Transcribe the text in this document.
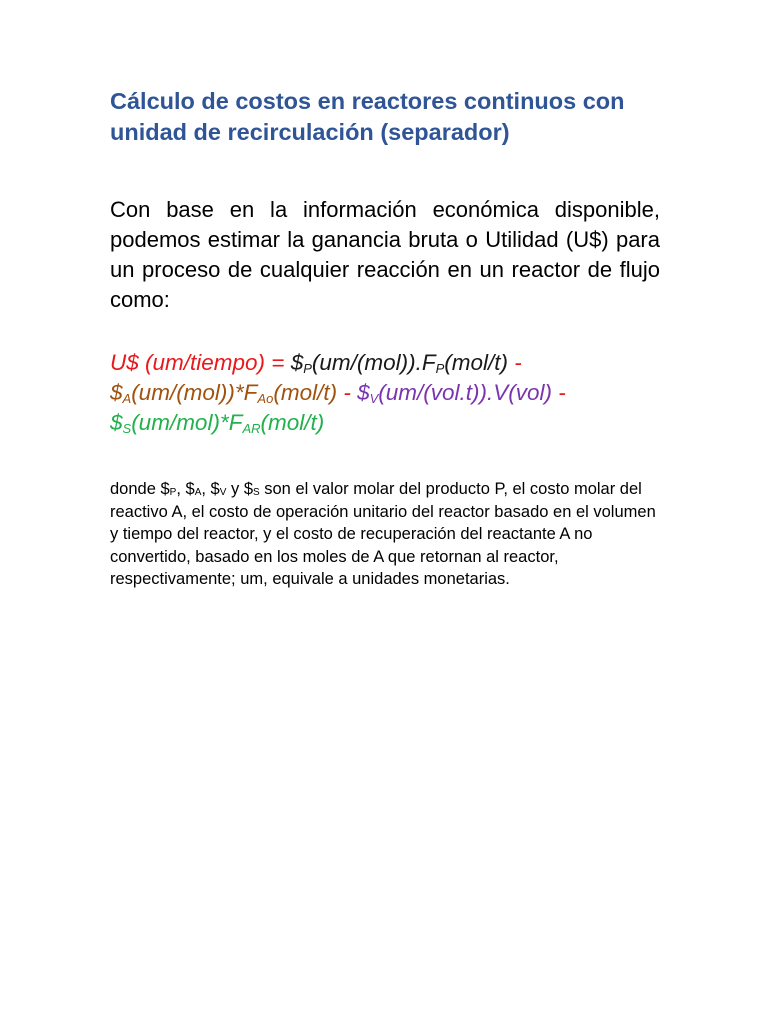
Cálculo de costos en reactores continuos con unidad de recirculación (separador)

Con base en la información económica disponible, podemos estimar la ganancia bruta o Utilidad (U$) para un proceso de cualquier reacción en un reactor de flujo como:

U$ (um/tiempo) = $\$_P(um/(mol)).F_P(mol/t)$ - $\$_A(um/(mol))*F_{Ao}(mol/t)$ - $\$_V(um/(vol.t)).V(vol)$ - $\$_S(um/mol)*F_{AR}(mol/t)$

donde $\$_P$, $\$_A$, $\$_V$ y $\$_S$ son el valor molar del producto P, el costo molar del reactivo A, el costo de operación unitario del reactor basado en el volumen y tiempo del reactor, y el costo de recuperación del reactante A no convertido, basado en los moles de A que retornan al reactor, respectivamente; um, equivale a unidades monetarias.
